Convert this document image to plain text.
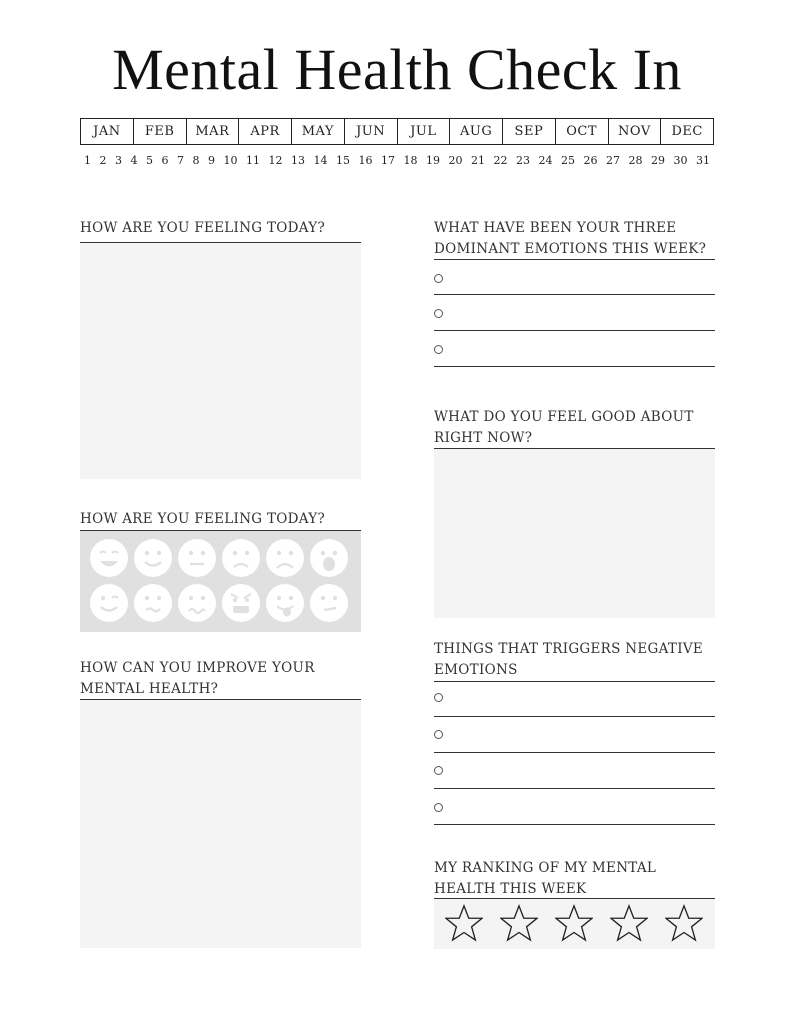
Mental Health Check In
JAN	FEB	MAR	APR	MAY	JUN	JUL	AUG	SEP	OCT	NOV	DEC
1 2 3 4 5 6 7 8 9 10 11 12 13 14 15 16 17 18 19 20 21 22 23 24 25 26 27 28 29 30 31
HOW ARE YOU FEELING TODAY?
HOW ARE YOU FEELING TODAY?
HOW CAN YOU IMPROVE YOUR
MENTAL HEALTH?
WHAT HAVE BEEN YOUR THREE
DOMINANT EMOTIONS THIS WEEK?
WHAT DO YOU FEEL GOOD ABOUT
RIGHT NOW?
THINGS THAT TRIGGERS NEGATIVE
EMOTIONS
MY RANKING OF MY MENTAL
HEALTH THIS WEEK
